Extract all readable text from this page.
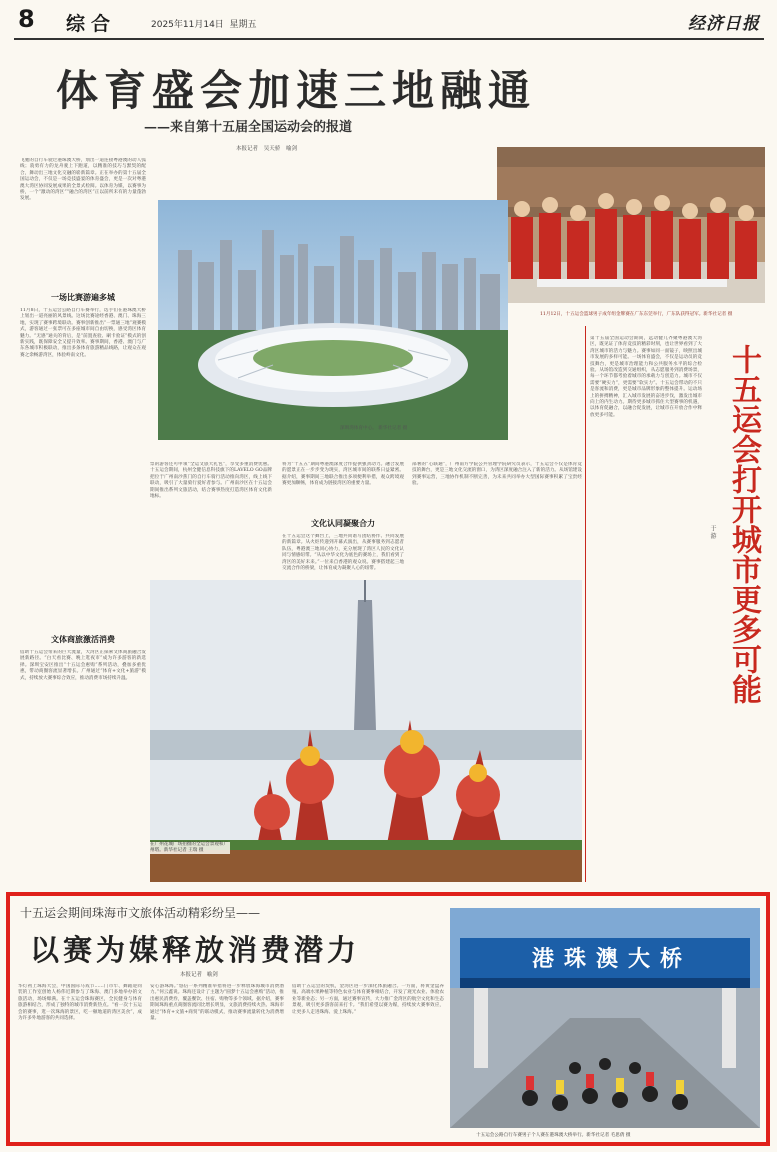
8 综合	2025年11月14日 星期五	经济日报
体育盛会加速三地融通
——来自第十五届全国运动会的报道
本报记者 吴天骄 喻剑
飞驰的自行车驶过港珠澳大桥，划出一道连接粤港澳的动人弧线；骁勇有力的龙舟驶上下跑道，以精准的技巧与默契的配合，舞动出三地文化交融的崭新篇章。正在举办的第十五届全国运动会，不仅是一场竞技盛宴的体育盛会，更是一次对粤港澳大湾区协同发展成果的全景式检阅。以体育为媒，以赛事为桥，一个“激动的湾区”“融合的湾区”正以前所未有的力量蓬勃发展。
一场比赛游遍多城
11月8日，十五运会公路自行车赛举行，选手们在港珠澳大桥上划出一道亮丽的风景线。这场比赛途经香港、澳门、珠海三地，实现了赛事跨境联动。赛事创新推出“一票通三地”观赛模式，游客通过一张票可在多座城市间自由切换，感受湾区体育魅力。“无感”通关的背后，是“前置查验、刷卡验证”模式的创新实践，既保障安全又提升效率。赛事期间，香港、澳门与广东各城市积极联动，推出多条体育旅游精品线路，让观众在观赛之余畅游湾区，体验岭南文化。
文体商旅激活消费
借助十五运会带来的巨大流量，大湾区正探索文体商旅融合发展新路径。“白天看比赛、晚上逛夜市”成为许多游客的新选择。深圳宝安区推出“十五运会惠购”系列活动，叠加多重优惠，带动商圈客流显著增长。广州通过“体育+文化+旅游”模式，持续放大赛事综合效应，推动消费市场持续升温。
11月12日，十五运会篮球男子成年组金牌赛在广东东莞举行，广东队获得冠军。新华社记者 摄
深圳湾体育中心。 新华社记者 摄
票的游客还可申领“全运文旅大礼包”，享受多重消费优惠。十五运会期间，杭州全健信息科技旗下的LAVELO GO品牌把位于广州南沙蕉门的自行车骑行活动推向湾区，线上线下联动，吸引了大量骑行爱好者参与。广州南沙区在十五运会期间推出系列文旅活动，结合赛事热度打造湾区体育文化新地标。
将为“十五五”期间粤港澳深度合作提供强劲动力。融合发展的愿景正在一步步变为现实，湾区城市间的联系日益紧密。据介绍，赛事期间三地联合推出多项便利举措，观众跨境观赛更加顺畅，体育成为链接湾区的重要力量。
文化认同凝聚合力
在十五运会这个舞台上，三地共同谱写团结协作、共同发展的新篇章。从火炬传递到开幕式演出，从赛事服务到志愿者队伍，粤港澳三地同心协力，充分展现了湾区人民的文化认同与情感纽带。“从以中华文化为底色的赛场上，我们看到了湾区的美好未来。”一位来自香港的观众说。赛事搭建起三地交流合作的桥梁，让体育成为凝聚人心的纽带。
部署的“心联通”，广州南方学院公共管理学院研究员表示，十五运会不仅是体育竞技的舞台，更是三地文化交流的窗口，为湾区深度融合注入了新的活力。从场馆建设到赛事运营，三地协作机制不断完善，为未来共同举办大型国际赛事积累了宝贵经验。
在广州花城广场拍摄的全运会景观和广州塔。新华社记者 王瑞 摄
第十五届全国运动会期间，远动健儿齐聚粤港澳大湾区，既见证了体育竞技的精彩时刻，也让世界看到了大湾区城市的活力与魅力。赛事如同一面镜子，映照出城市发展的多样可能。一场体育盛会，不仅是运动员的竞技舞台，更是城市治理能力和公共服务水平的综合检验。从场馆改造到交通组织，从志愿服务到消费场景，每一个环节都考验着城市的承载力与创造力。城市不仅需要“硬实力”，更需要“软实力”。十五运会带动的不只是客流和消费，更是城市品牌形象的整体提升。运动场上的拼搏精神，汇入城市发展的奋进步伐，激发出城市向上的内生动力。期待更多城市抓住大型赛事的机遇，以体育促融合，以融合促发展，让城市在开放合作中释放更多可能。
于 游 十五运会打开城市更多可能
十五运会期间珠海市文旅体活动精彩纷呈——
以赛为媒释放消费潜力
本报记者 喻剑
华灯初上珠海大会，中国国际马戏节……门市牢、舞蹈迎同装的工作室创始人杨伟近期参与了珠海、澳门多地举办的文旅活动，场场爆满。在十五运会珠海赛区，全民健身与体育旅游相结合，形成了独特的城市消费新热点。“看一次十五运会的赛事，逛一次珠海的景区，吃一顿地道的湾区美食”，成为许多外地游客的共同选择。
安心游珠海。”悠信一系列精准举措将进一步释放珠海城市消费潜力。”何云鑫说。珠海还设计了主题为“圆梦十五运会惠购”活动，推出惠民消费券，覆盖餐饮、住宿、购物等多个领域。据介绍，赛事期间珠海重点商圈客流同比增长明显，文旅消费持续火热。珠海市通过“体育+文旅+商贸”的联动模式，推动赛事流量转化为消费增量。
借助十五运会的契机，金湾区进一步深化体旅融合。一方面，将黄金盘养殖、高端水果种植等特色农业与体育赛事相结合，开发了观光农业、体验农业等新业态；另一方面，通过赛事宣传，大力推广金湾区的航空文化和生态景观，吸引更多游客前来打卡。“我们希望以赛为媒，持续放大赛事效应，让更多人走进珠海、爱上珠海。”
港珠澳大桥
十五运会公路自行车赛男子个人赛在港珠澳大桥举行。新华社记者 毛思倩 摄
